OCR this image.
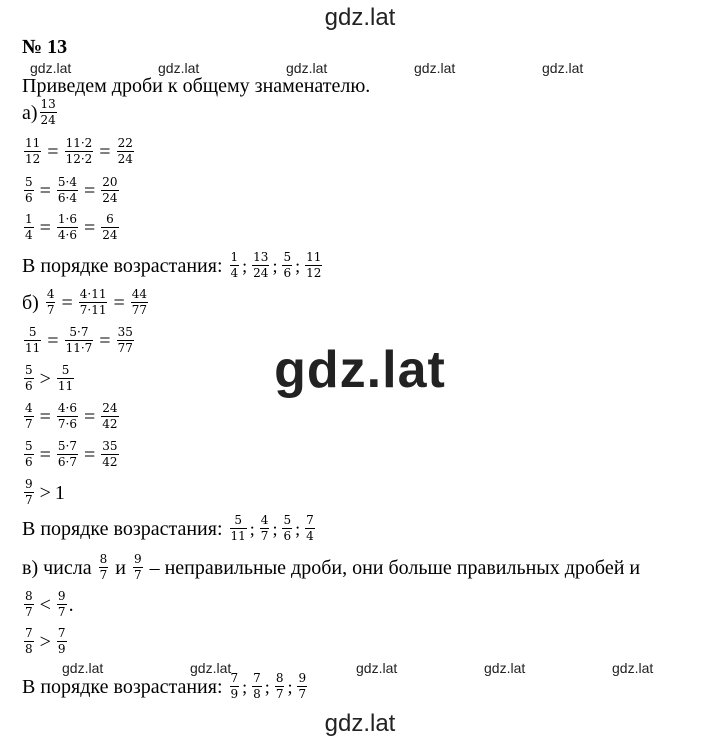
gdz.lat
№ 13
gdz.lat	gdz.lat	gdz.lat	gdz.lat	gdz.lat
Приведем дроби к общему знаменателю.
$а) \frac{13}{24}$
$\frac{11}{12} = \frac{11\cdot 2}{12\cdot 2} = \frac{22}{24}$
$\frac{5}{6} = \frac{5\cdot 4}{6\cdot 4} = \frac{20}{24}$
$\frac{1}{4} = \frac{1\cdot 6}{4\cdot 6} = \frac{6}{24}$
В порядке возрастания:
$\frac{1}{4}$ ; $\frac{13}{24}$ ; $\frac{5}{6}$ ; $\frac{11}{12}$
б)
$\frac{4}{7} = \frac{4\cdot 11}{7\cdot 11} = \frac{44}{77}$
$\frac{5}{11} = \frac{5\cdot 7}{11\cdot 7} = \frac{35}{77}$
$\frac{5}{6} > \frac{5}{11}$
$\frac{4}{7} = \frac{4\cdot 6}{7\cdot 6} = \frac{24}{42}$
$\frac{5}{6} = \frac{5\cdot 7}{6\cdot 7} = \frac{35}{42}$
$\frac{9}{7} > 1$
В порядке возрастания:
$\frac{5}{11}$ ; $\frac{4}{7}$ ; $\frac{5}{6}$ ; $\frac{7}{4}$
в) числа
$\frac{8}{7}$
и
$\frac{9}{7}$
– неправильные дроби, они больше правильных дробей и
$\frac{8}{7} < \frac{9}{7}$ .
$\frac{7}{8} > \frac{7}{9}$
gdz.lat	gdz.lat	gdz.lat	gdz.lat	gdz.lat
В порядке возрастания:
$\frac{7}{9}$ ; $\frac{7}{8}$ ; $\frac{8}{7}$ ; $\frac{9}{7}$
gdz.lat
gdz.lat
